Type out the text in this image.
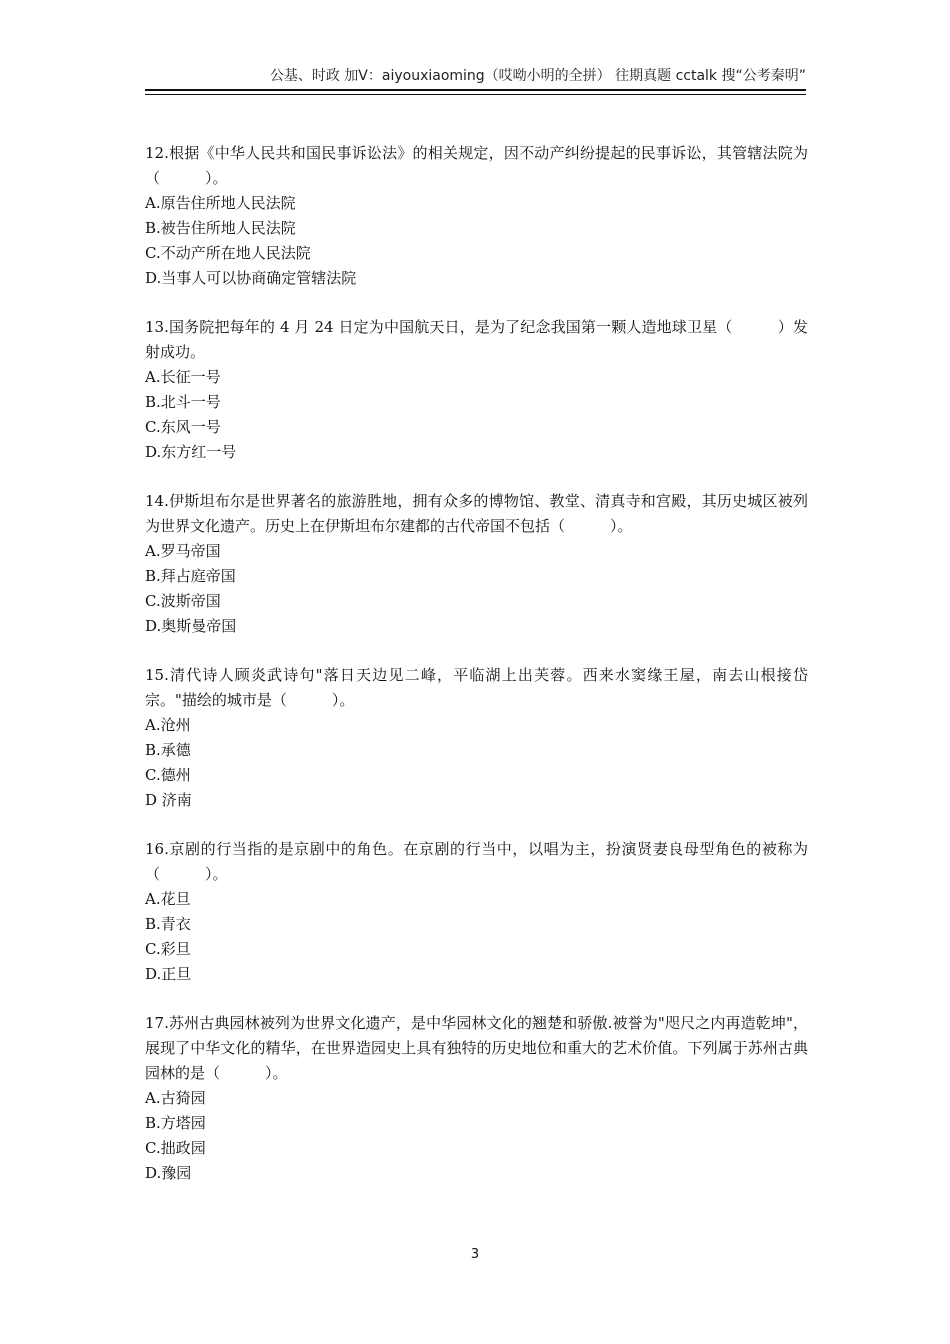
公基、时政 加V：aiyouxiaoming（哎呦小明的全拼） 往期真题 cctalk 搜“公考秦明”

12.根据《中华人民共和国民事诉讼法》的相关规定，因不动产纠纷提起的民事诉讼，其管辖法院为（　　　）。

A.原告住所地人民法院

B.被告住所地人民法院

C.不动产所在地人民法院

D.当事人可以协商确定管辖法院

13.国务院把每年的 4 月 24 日定为中国航天日，是为了纪念我国第一颗人造地球卫星（　　　）发射成功。

A.长征一号

B.北斗一号

C.东风一号

D.东方红一号

14.伊斯坦布尔是世界著名的旅游胜地，拥有众多的博物馆、教堂、清真寺和宫殿，其历史城区被列为世界文化遗产。历史上在伊斯坦布尔建都的古代帝国不包括（　　　）。

A.罗马帝国

B.拜占庭帝国

C.波斯帝国

D.奥斯曼帝国

15.清代诗人顾炎武诗句"落日天边见二峰，平临湖上出芙蓉。西来水窦缘王屋，南去山根接岱宗。"描绘的城市是（　　　）。

A.沧州

B.承德

C.德州

D 济南

16.京剧的行当指的是京剧中的角色。在京剧的行当中，以唱为主，扮演贤妻良母型角色的被称为（　　　）。

A.花旦

B.青衣

C.彩旦

D.正旦

17.苏州古典园林被列为世界文化遗产，是中华园林文化的翘楚和骄傲.被誉为"咫尺之内再造乾坤"，展现了中华文化的精华，在世界造园史上具有独特的历史地位和重大的艺术价值。下列属于苏州古典园林的是（　　　）。

A.古猗园

B.方塔园

C.拙政园

D.豫园

3
